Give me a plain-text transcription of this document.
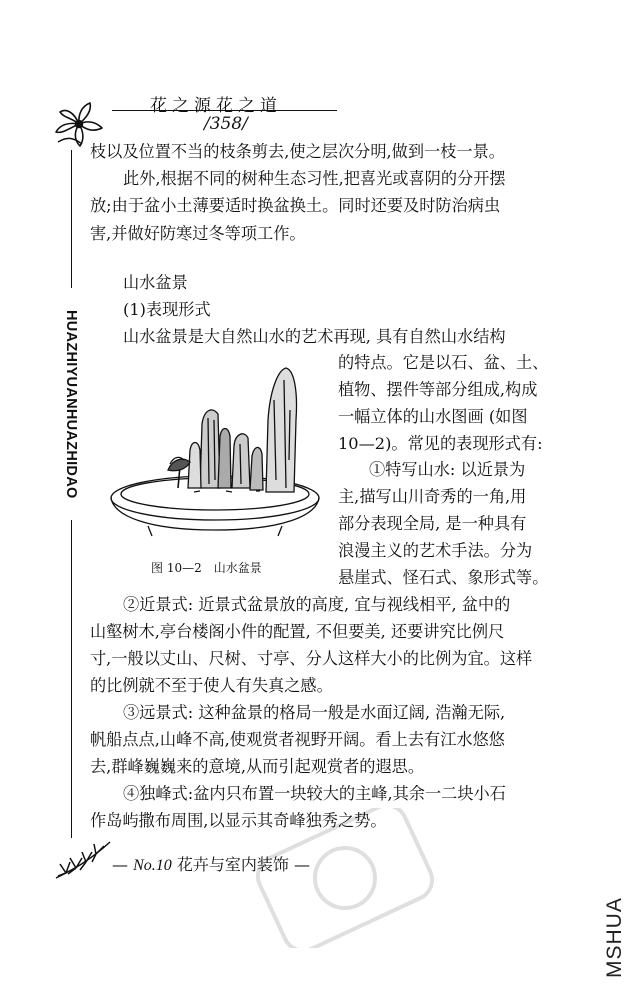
花之源花之道
/358/
HUAZHIYUANHUAZHIDAO
枝以及位置不当的枝条剪去,使之层次分明,做到一枝一景。
此外,根据不同的树种生态习性,把喜光或喜阴的分开摆
放;由于盆小土薄要适时换盆换土。同时还要及时防治病虫
害,并做好防寒过冬等项工作。
山水盆景
(1)表现形式
山水盆景是大自然山水的艺术再现, 具有自然山水结构
的特点。它是以石、盆、土、
植物、摆件等部分组成,构成
一幅立体的山水图画 (如图
10—2)。常见的表现形式有:
①特写山水: 以近景为
主,描写山川奇秀的一角,用
部分表现全局, 是一种具有
浪漫主义的艺术手法。分为
悬崖式、怪石式、象形式等。
②近景式: 近景式盆景放的高度, 宜与视线相平, 盆中的
山壑树木,亭台楼阁小件的配置, 不但要美, 还要讲究比例尺
寸,一般以丈山、尺树、寸亭、分人这样大小的比例为宜。这样
的比例就不至于使人有失真之感。
③远景式: 这种盆景的格局一般是水面辽阔, 浩瀚无际,
帆船点点,山峰不高,使观赏者视野开阔。看上去有江水悠悠
去,群峰巍巍来的意境,从而引起观赏者的遐思。
④独峰式:盆内只布置一块较大的主峰,其余一二块小石
作岛屿撒布周围,以显示其奇峰独秀之势。
图 10—2　山水盆景
— No.10 花卉与室内装饰 —
MSHUA
